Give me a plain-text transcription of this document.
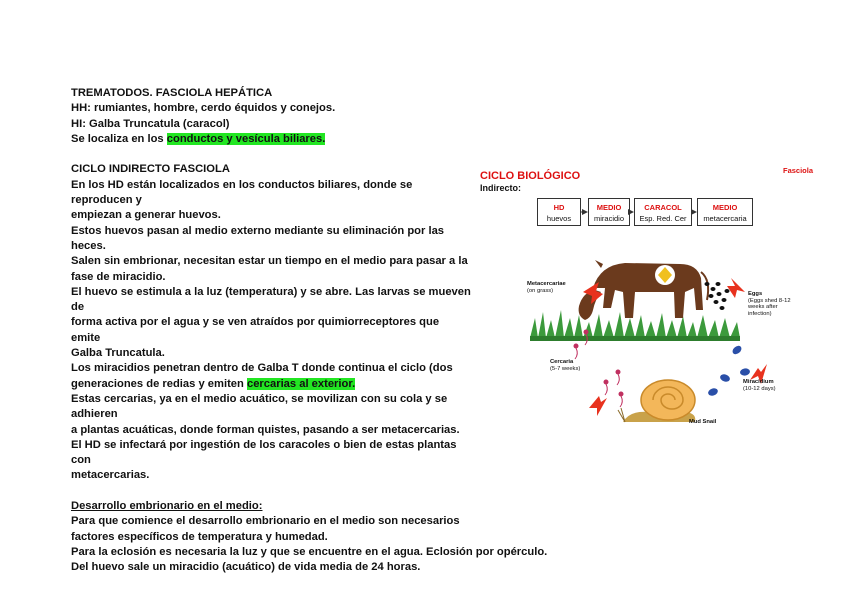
TREMATODOS. FASCIOLA HEPÁTICA

HH: rumiantes, hombre, cerdo équidos y conejos.

HI: Galba Truncatula (caracol)

Se localiza en los conductos y vesícula biliares.

CICLO INDIRECTO FASCIOLA

En los HD están localizados en los conductos biliares, donde se reproducen y

empiezan a generar huevos.

Estos huevos pasan al medio externo mediante su eliminación por las heces.

Salen sin embrionar, necesitan estar un tiempo en el medio para pasar a la

fase de miracidio.

El huevo se estimula a la luz (temperatura) y se abre. Las larvas se mueven de

forma activa por el agua y se ven atraídos por quimiorreceptores que emite

Galba Truncatula.

Los miracidios penetran dentro de Galba T donde continua el ciclo (dos

generaciones de redias y emiten cercarias al exterior.

Estas cercarias, ya en el medio acuático, se movilizan con su cola y se adhieren

a plantas acuáticas, donde forman quistes, pasando a ser metacercarias.

El HD se infectará por ingestión de los caracoles o bien de estas plantas con

metacercarias.

Desarrollo embrionario en el medio:

Para que comience el desarrollo embrionario en el medio son necesarios

factores específicos de temperatura y humedad.

Para la eclosión es necesaria la luz y que se encuentre en el agua. Eclosión por opérculo.

Del huevo sale un miracidio (acuático) de vida media de 24 horas.

CICLO BIOLÓGICO
Indirecto:
Fasciola
HD
huevos
MEDIO
miracidio
CARACOL
Esp. Red. Cer
MEDIO
metacercaria
Metacercariae
(on grass)
Eggs
(Eggs shed 8-12 weeks after infection)
Miracidium
(10-12 days)
Cercaria
(5-7 weeks)
Mud Snail
